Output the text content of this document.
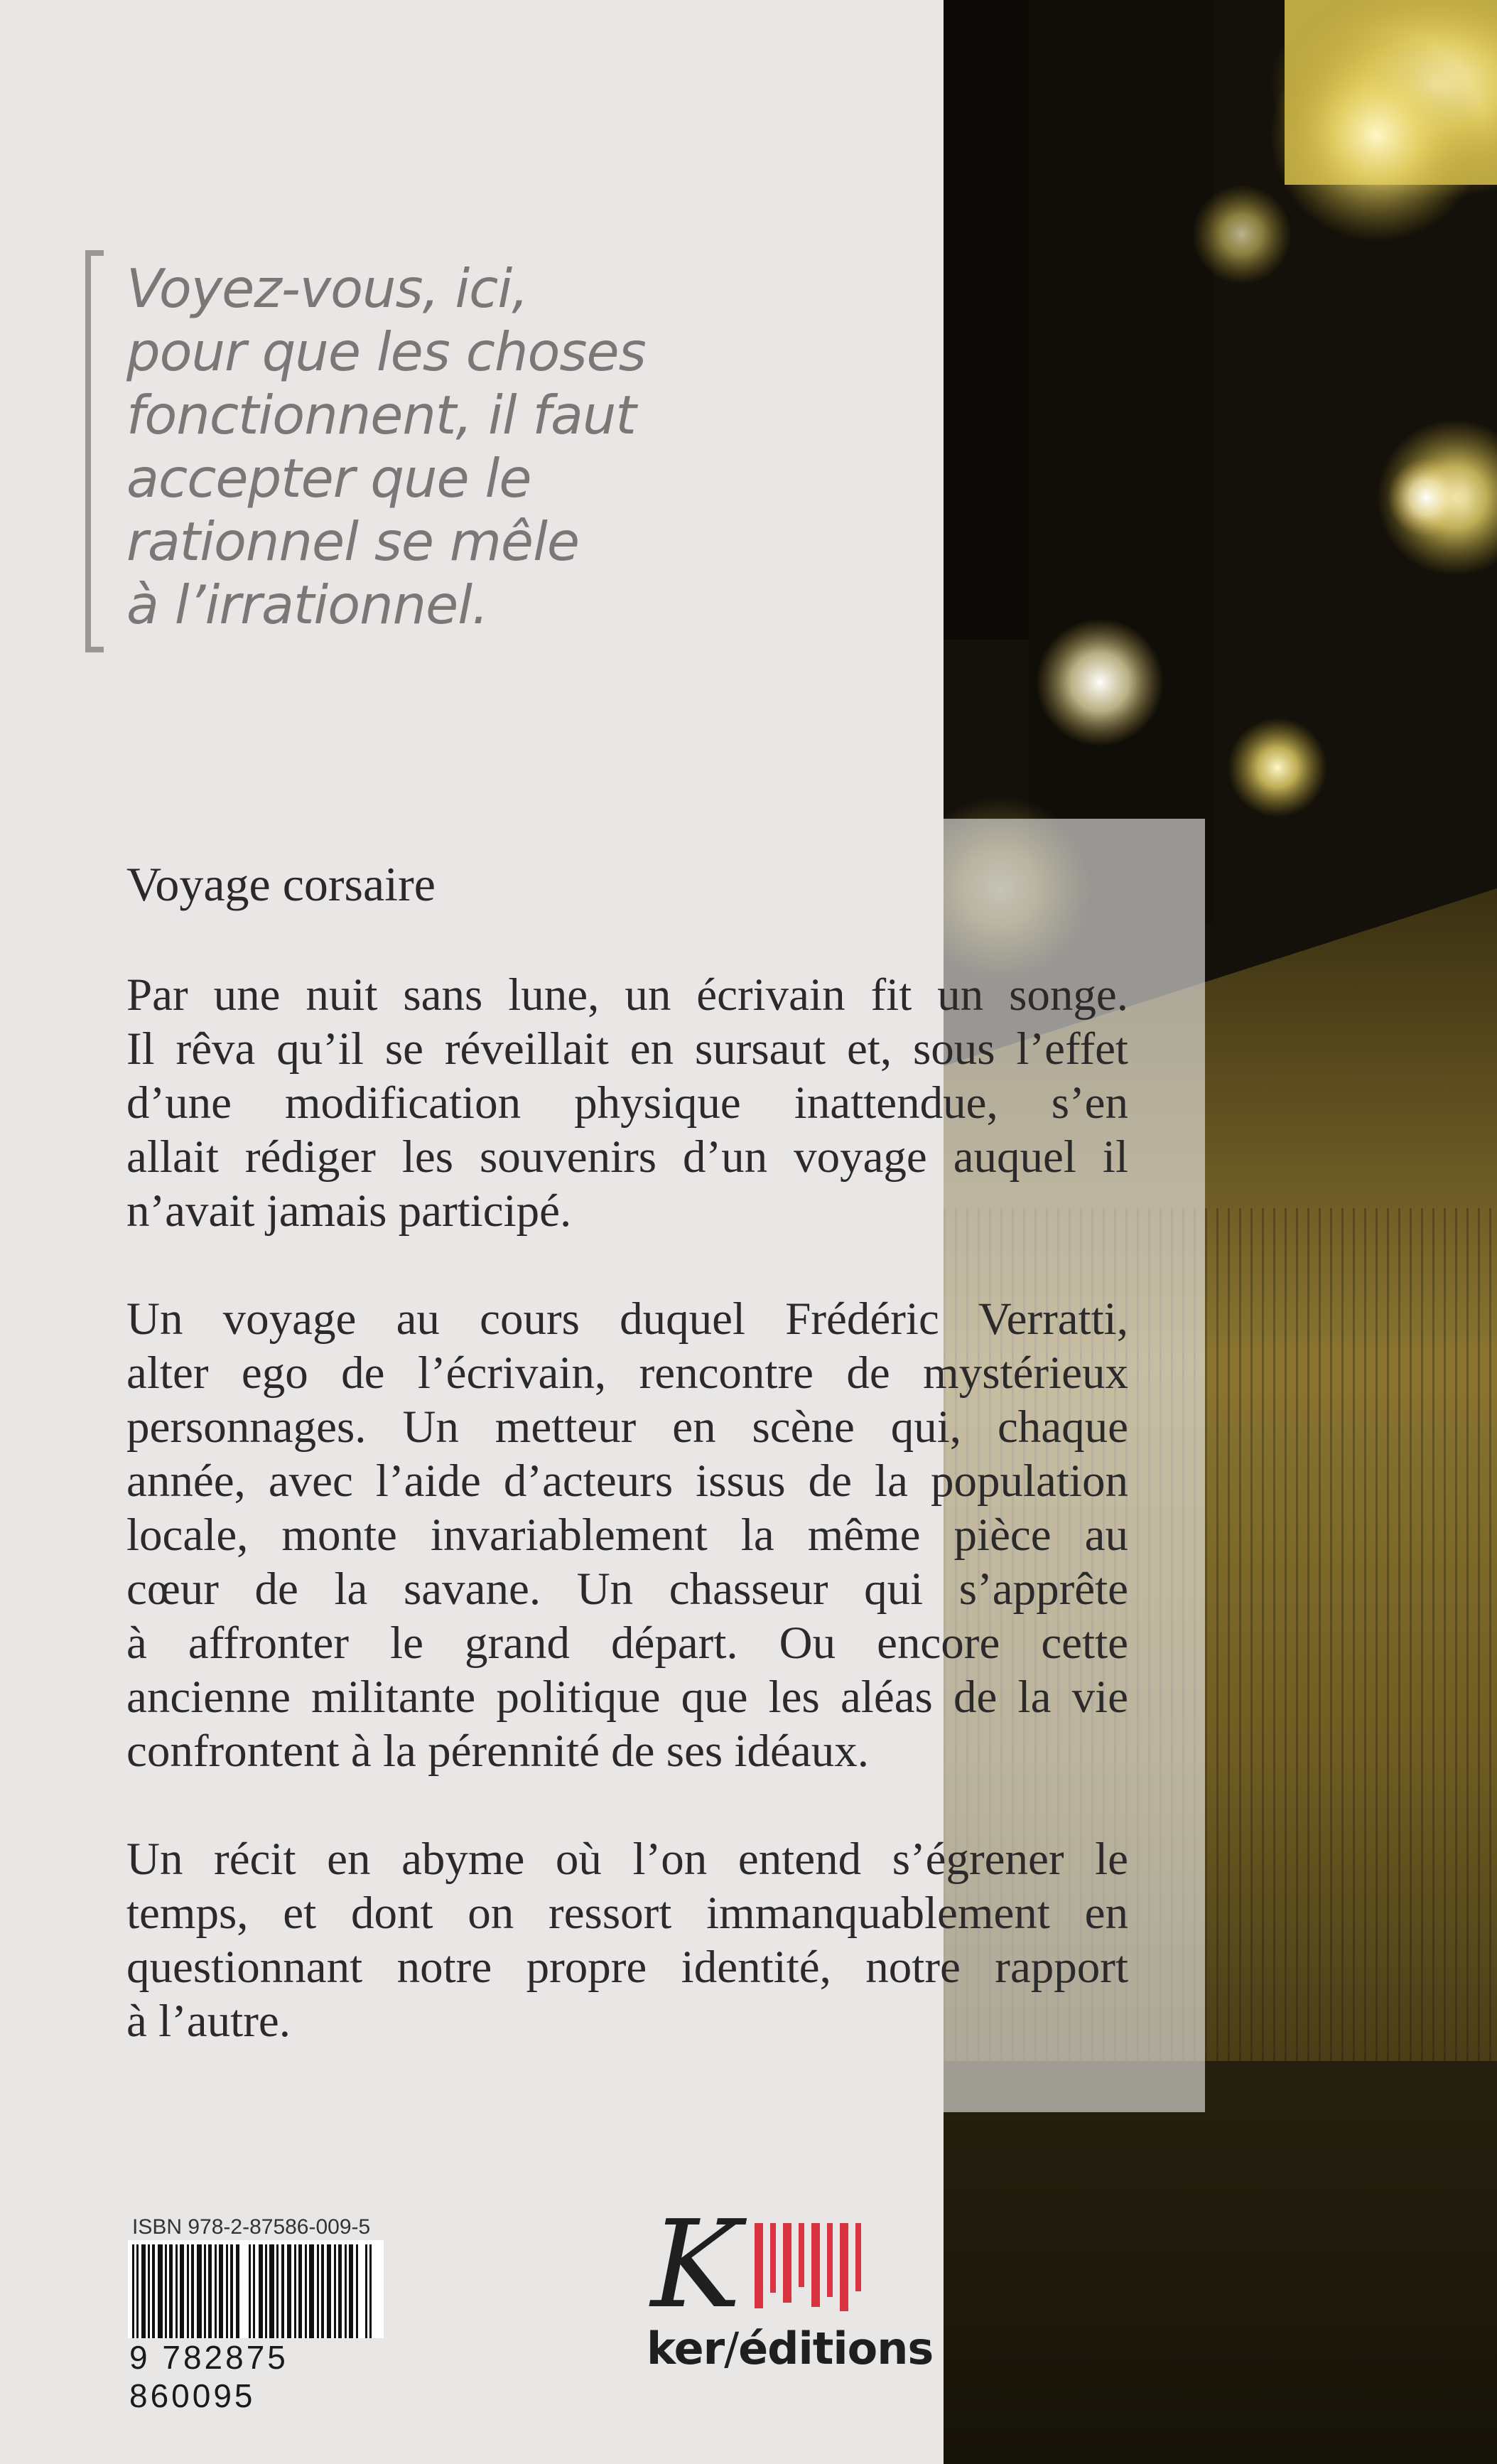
Voyez-vous, ici,
pour que les choses
fonctionnent, il faut
accepter que le
rationnel se mêle
à l’irrationnel.
Voyage corsaire
Par une nuit sans lune, un écrivain fit un songe.
Il rêva qu’il se réveillait en sursaut et, sous l’effet
d’une modification physique inattendue, s’en
allait rédiger les souvenirs d’un voyage auquel il
n’avait jamais participé.
Un voyage au cours duquel Frédéric Verratti,
alter ego de l’écrivain, rencontre de mystérieux
personnages. Un metteur en scène qui, chaque
année, avec l’aide d’acteurs issus de la population
locale, monte invariablement la même pièce au
cœur de la savane. Un chasseur qui s’apprête
à affronter le grand départ. Ou encore cette
ancienne militante politique que les aléas de la vie
confrontent à la pérennité de ses idéaux.
Un récit en abyme où l’on entend s’égrener le
temps, et dont on ressort immanquablement en
questionnant notre propre identité, notre rapport
à l’autre.
ISBN 978-2-87586-009-5
9 782875 860095
K
ker/éditions
